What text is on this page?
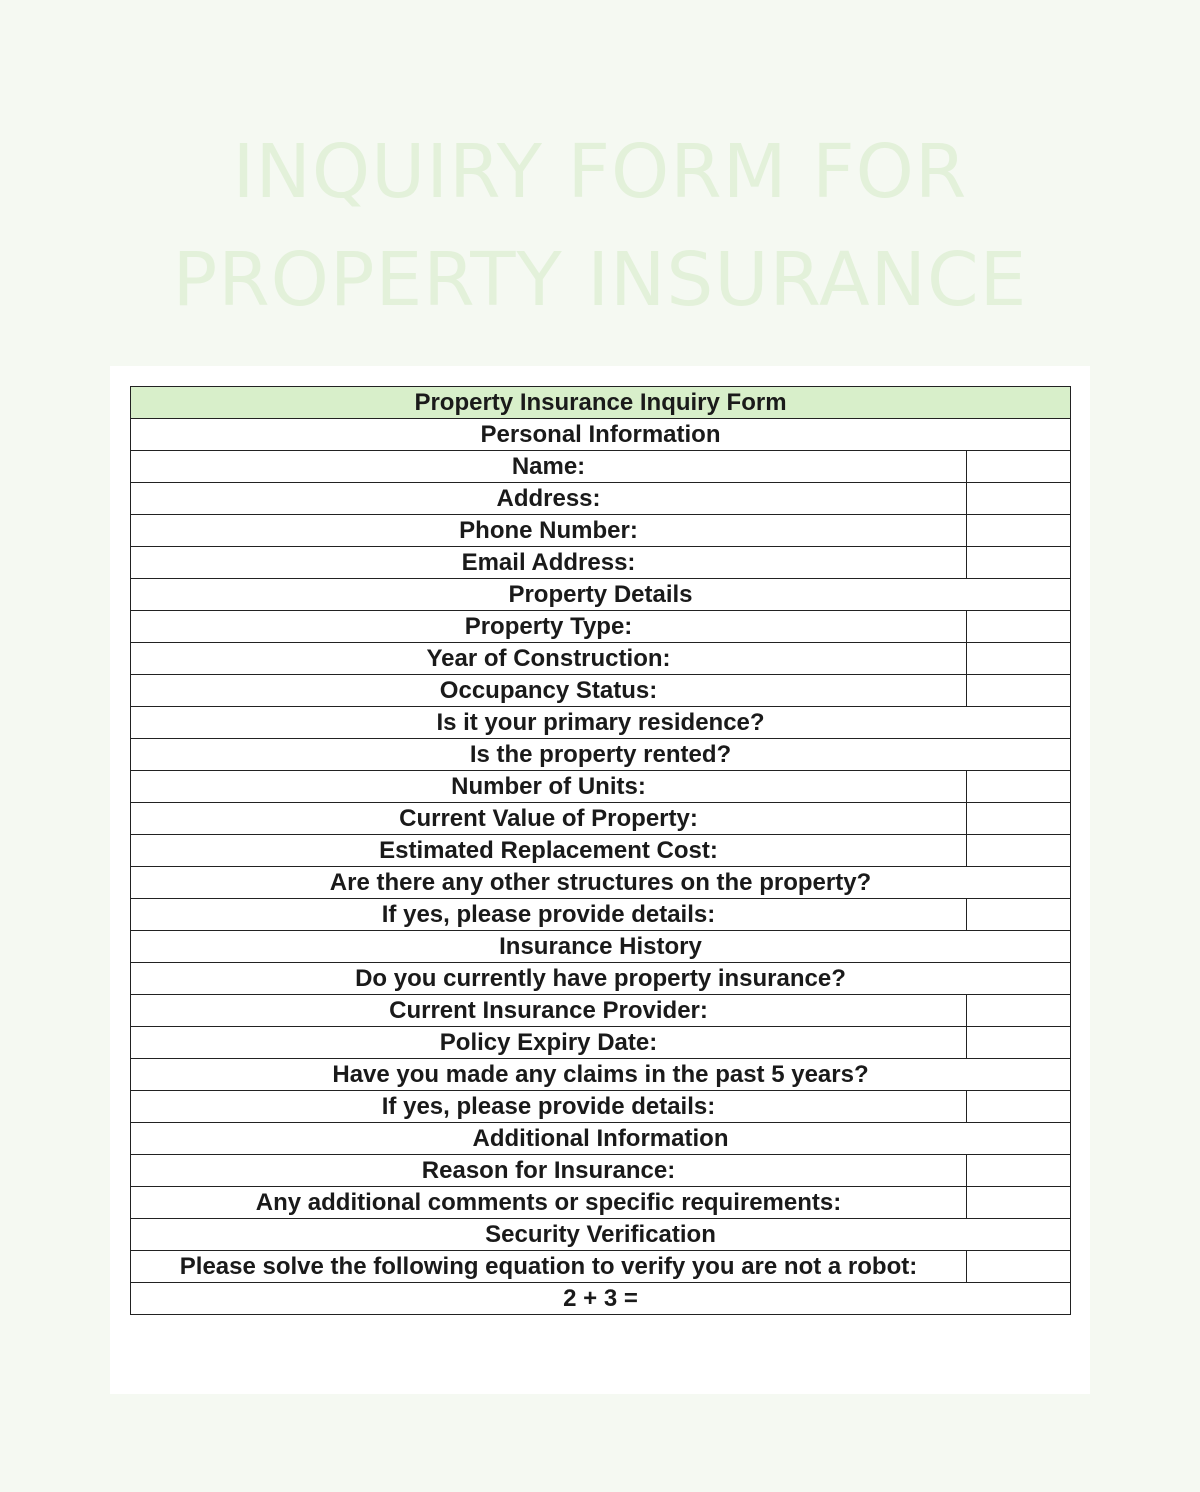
INQUIRY FORM FOR
PROPERTY INSURANCE
Property Insurance Inquiry Form	
Personal Information	
Name:	
Address:	
Phone Number:	
Email Address:	
Property Details	
Property Type:	
Year of Construction:	
Occupancy Status:	
Is it your primary residence?	
Is the property rented?	
Number of Units:	
Current Value of Property:	
Estimated Replacement Cost:	
Are there any other structures on the property?	
If yes, please provide details:	
Insurance History	
Do you currently have property insurance?	
Current Insurance Provider:	
Policy Expiry Date:	
Have you made any claims in the past 5 years?	
If yes, please provide details:	
Additional Information	
Reason for Insurance:	
Any additional comments or specific requirements:	
Security Verification	
Please solve the following equation to verify you are not a robot:	
2 + 3 =	
